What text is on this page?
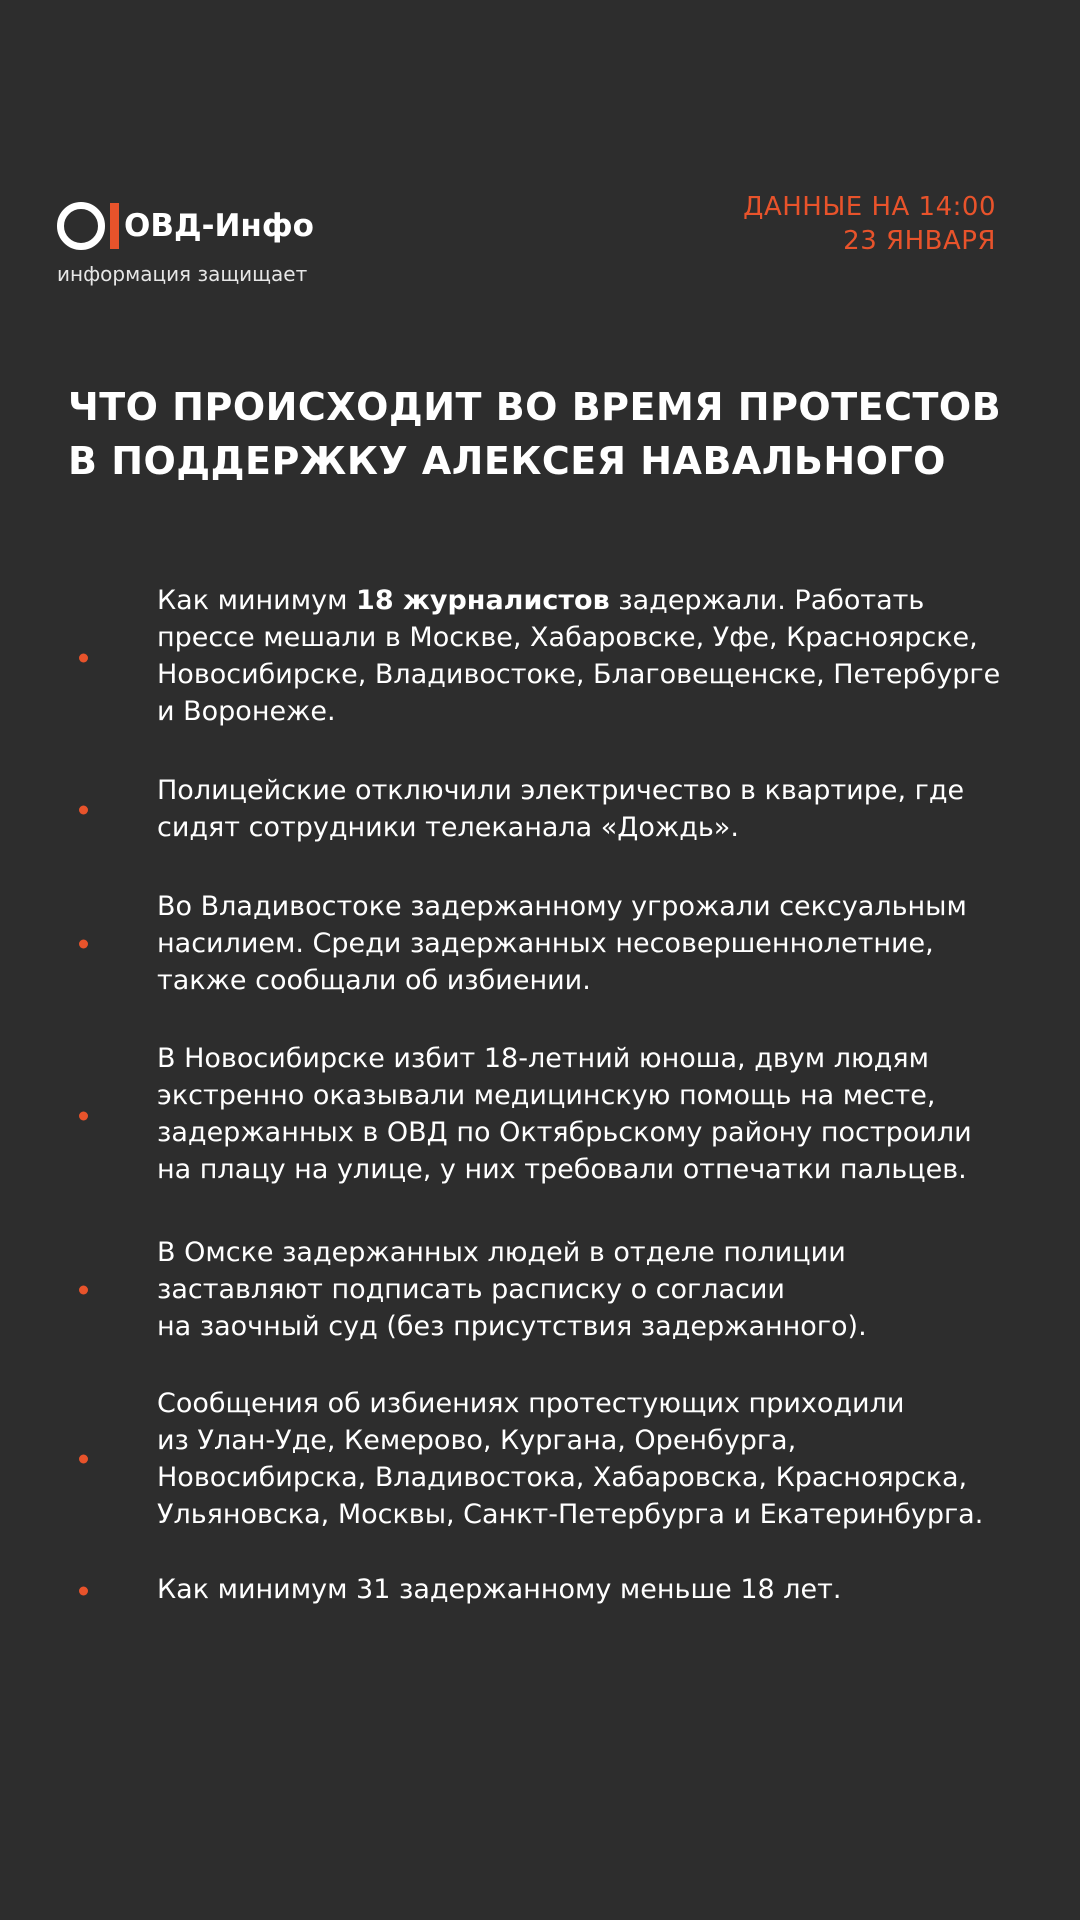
ОВД-Инфо
информация защищает
ДАННЫЕ НА 14:00
23 ЯНВАРЯ
ЧТО ПРОИСХОДИТ ВО ВРЕМЯ ПРОТЕСТОВ
В ПОДДЕРЖКУ АЛЕКСЕЯ НАВАЛЬНОГО
Как минимум 18 журналистов задержали. Работать
прессе мешали в Москве, Хабаровске, Уфе, Красноярске,
Новосибирске, Владивостоке, Благовещенске, Петербурге
и Воронеже.
Полицейские отключили электричество в квартире, где
сидят сотрудники телеканала «Дождь».
Во Владивостоке задержанному угрожали сексуальным
насилием. Среди задержанных несовершеннолетние,
также сообщали об избиении.
В Новосибирске избит 18-летний юноша, двум людям
экстренно оказывали медицинскую помощь на месте,
задержанных в ОВД по Октябрьскому району построили
на плацу на улице, у них требовали отпечатки пальцев.
В Омске задержанных людей в отделе полиции
заставляют подписать расписку о согласии
на заочный суд (без присутствия задержанного).
Сообщения об избиениях протестующих приходили
из Улан-Уде, Кемерово, Кургана, Оренбурга,
Новосибирска, Владивостока, Хабаровска, Красноярска,
Ульяновска, Москвы, Санкт-Петербурга и Екатеринбурга.
Как минимум 31 задержанному меньше 18 лет.
